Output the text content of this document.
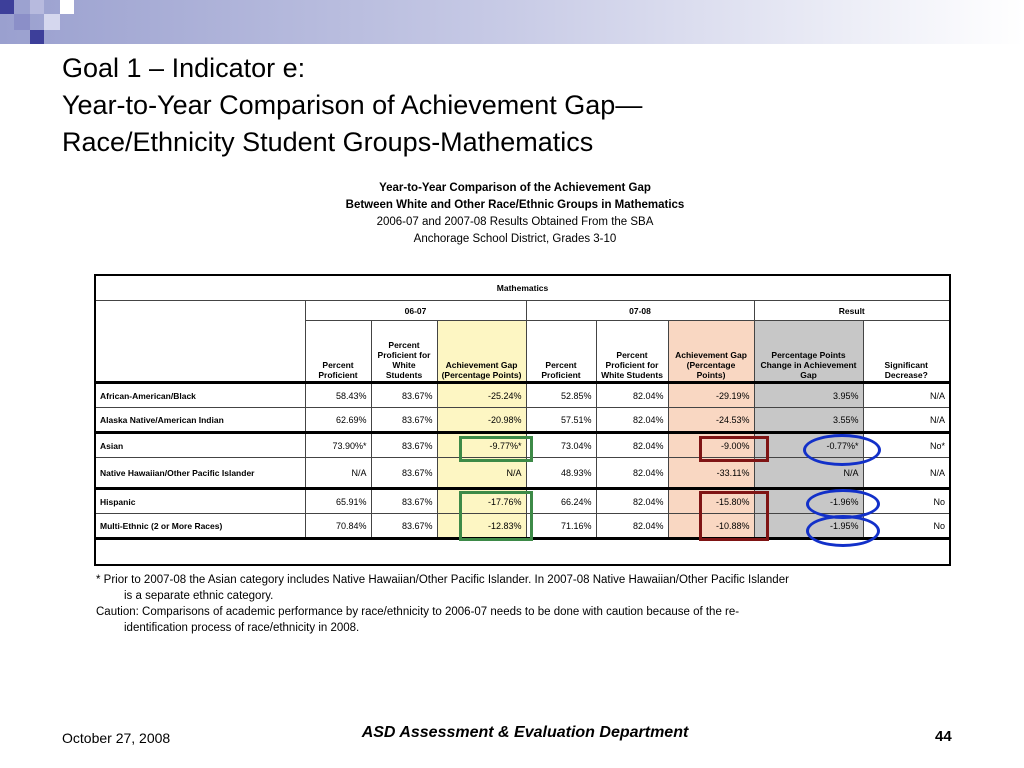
Goal 1 – Indicator e:
Year-to-Year Comparison of Achievement Gap—
Race/Ethnicity Student Groups-Mathematics
Year-to-Year Comparison of the Achievement Gap
Between White and Other Race/Ethnic Groups in Mathematics
2006-07 and 2007-08 Results Obtained From the SBA
Anchorage School District, Grades 3-10
Mathematics								
	06-07			07-08			Result	
	Percent Proficient	Percent Proficient for White Students	Achievement Gap (Percentage Points)	Percent Proficient	Percent Proficient for White Students	Achievement Gap (Percentage Points)	Percentage Points Change in Achievement Gap	Significant Decrease?
African-American/Black	58.43%	83.67%	-25.24%	52.85%	82.04%	-29.19%	3.95%	N/A
Alaska Native/American Indian	62.69%	83.67%	-20.98%	57.51%	82.04%	-24.53%	3.55%	N/A
Asian	73.90%*	83.67%	-9.77%*	73.04%	82.04%	-9.00%	-0.77%*	No*
Native Hawaiian/Other Pacific Islander	N/A	83.67%	N/A	48.93%	82.04%	-33.11%	N/A	N/A
Hispanic	65.91%	83.67%	-17.76%	66.24%	82.04%	-15.80%	-1.96%	No
Multi-Ethnic (2 or More Races)	70.84%	83.67%	-12.83%	71.16%	82.04%	-10.88%	-1.95%	No

* Prior to 2007-08 the Asian category includes Native Hawaiian/Other Pacific Islander. In 2007-08 Native Hawaiian/Other Pacific Islander
is a separate ethnic category.
Caution: Comparisons of academic performance by race/ethnicity to 2006-07 needs to be done with caution because of the re-
identification process of race/ethnicity in 2008.
October 27, 2008	ASD Assessment & Evaluation Department	44
